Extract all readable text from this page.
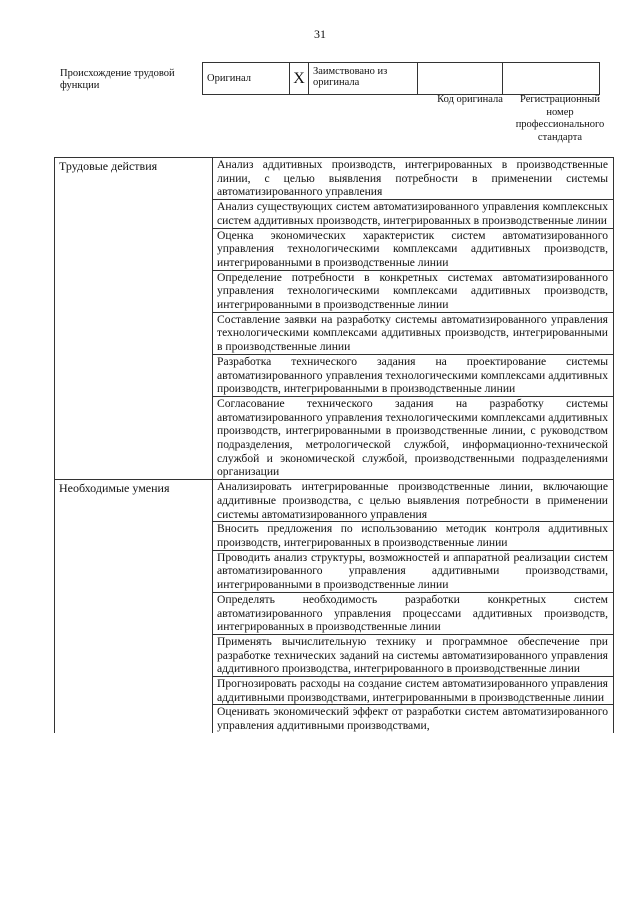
31
Происхождение трудовой функции
Оригинал	X	Заимствовано из оригинала		
Код оригинала	Регистрационный номер профессионального стандарта
Трудовые действия	Анализ аддитивных производств, интегрированных в производственные линии, с целью выявления потребности в применении системы автоматизированного управления
	Анализ существующих систем автоматизированного управления комплексных систем аддитивных производств, интегрированных в производственные линии
	Оценка экономических характеристик систем автоматизированного управления технологическими комплексами аддитивных производств, интегрированными в производственные линии
	Определение потребности в конкретных системах автоматизированного управления технологическими комплексами аддитивных производств, интегрированными в производственные линии
	Составление заявки на разработку системы автоматизированного управления технологическими комплексами аддитивных производств, интегрированными в производственные линии
	Разработка технического задания на проектирование системы автоматизированного управления технологическими комплексами аддитивных производств, интегрированными в производственные линии
	Согласование технического задания на разработку системы автоматизированного управления технологическими комплексами аддитивных производств, интегрированными в производственные линии, с руководством подразделения, метрологической службой, информационно-технической службой и экономической службой, производственными подразделениями организации
Необходимые умения	Анализировать интегрированные производственные линии, включающие аддитивные производства, с целью выявления потребности в применении системы автоматизированного управления
	Вносить предложения по использованию методик контроля аддитивных производств, интегрированных в производственные линии
	Проводить анализ структуры, возможностей и аппаратной реализации систем автоматизированного управления аддитивными производствами, интегрированными в производственные линии
	Определять необходимость разработки конкретных систем автоматизированного управления процессами аддитивных производств, интегрированных в производственные линии
	Применять вычислительную технику и программное обеспечение при разработке технических заданий на системы автоматизированного управления аддитивного производства, интегрированного в производственные линии
	Прогнозировать расходы на создание систем автоматизированного управления аддитивными производствами, интегрированными в производственные линии
	Оценивать экономический эффект от разработки систем автоматизированного управления аддитивными производствами,
